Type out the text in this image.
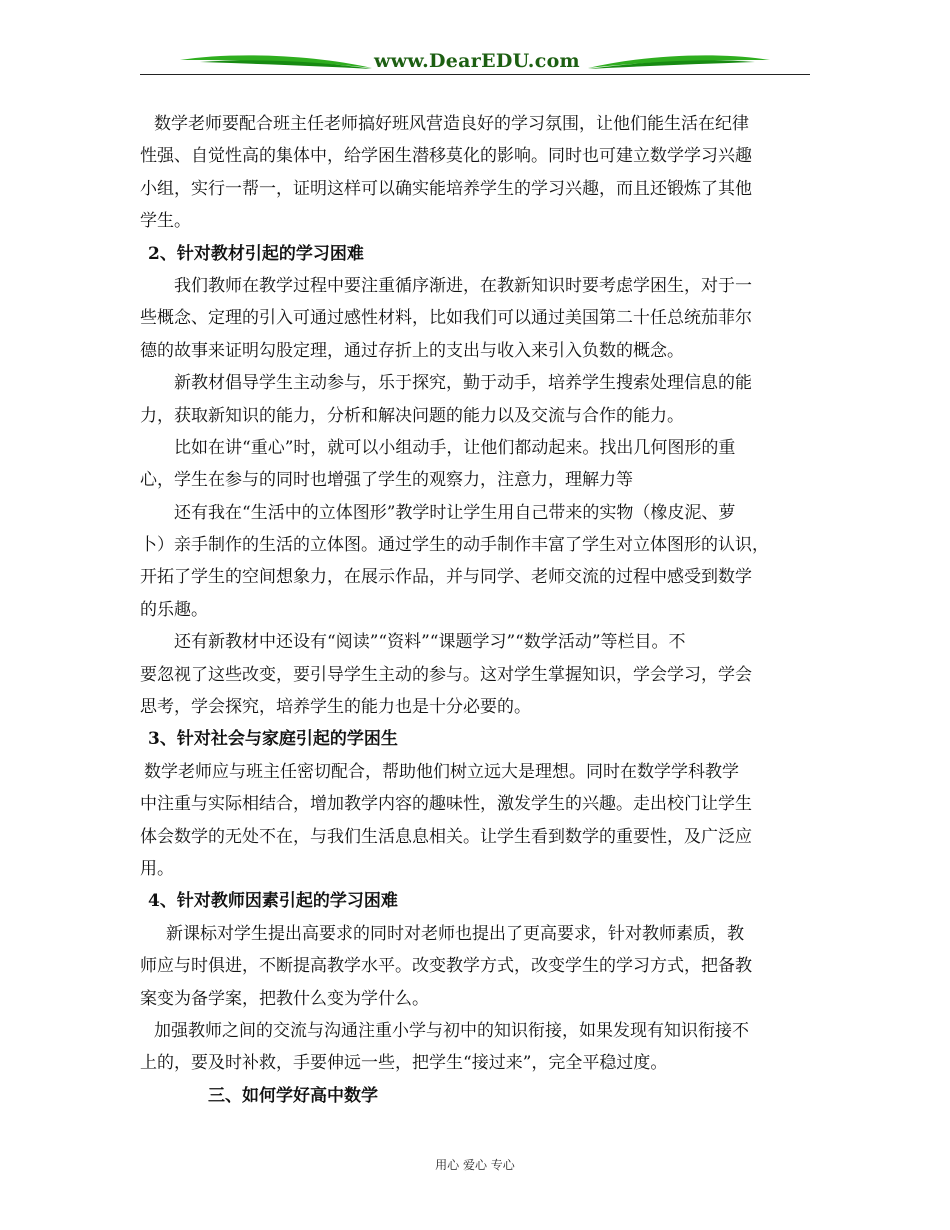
www.DearEDU.com
数学老师要配合班主任老师搞好班风营造良好的学习氛围，让他们能生活在纪律
性强、自觉性高的集体中，给学困生潜移莫化的影响。同时也可建立数学学习兴趣
小组，实行一帮一，证明这样可以确实能培养学生的学习兴趣，而且还锻炼了其他
学生。
2、针对教材引起的学习困难
我们教师在教学过程中要注重循序渐进，在教新知识时要考虑学困生，对于一
些概念、定理的引入可通过感性材料，比如我们可以通过美国第二十任总统茄菲尔
德的故事来证明勾股定理，通过存折上的支出与收入来引入负数的概念。
新教材倡导学生主动参与，乐于探究，勤于动手，培养学生搜索处理信息的能
力，获取新知识的能力，分析和解决问题的能力以及交流与合作的能力。
比如在讲“重心”时，就可以小组动手，让他们都动起来。找出几何图形的重
心，学生在参与的同时也增强了学生的观察力，注意力，理解力等
还有我在“生活中的立体图形”教学时让学生用自己带来的实物（橡皮泥、萝
卜）亲手制作的生活的立体图。通过学生的动手制作丰富了学生对立体图形的认识，
开拓了学生的空间想象力，在展示作品，并与同学、老师交流的过程中感受到数学
的乐趣。
还有新教材中还设有“阅读”“资料”“课题学习”“数学活动”等栏目。不
要忽视了这些改变，要引导学生主动的参与。这对学生掌握知识，学会学习，学会
思考，学会探究，培养学生的能力也是十分必要的。
3、针对社会与家庭引起的学困生
数学老师应与班主任密切配合，帮助他们树立远大是理想。同时在数学学科教学
中注重与实际相结合，增加教学内容的趣味性，激发学生的兴趣。走出校门让学生
体会数学的无处不在，与我们生活息息相关。让学生看到数学的重要性，及广泛应
用。
4、针对教师因素引起的学习困难
新课标对学生提出高要求的同时对老师也提出了更高要求，针对教师素质，教
师应与时俱进，不断提高教学水平。改变教学方式，改变学生的学习方式，把备教
案变为备学案，把教什么变为学什么。
加强教师之间的交流与沟通注重小学与初中的知识衔接，如果发现有知识衔接不
上的，要及时补救，手要伸远一些，把学生“接过来”，完全平稳过度。
三、如何学好高中数学
用心 爱心 专心
